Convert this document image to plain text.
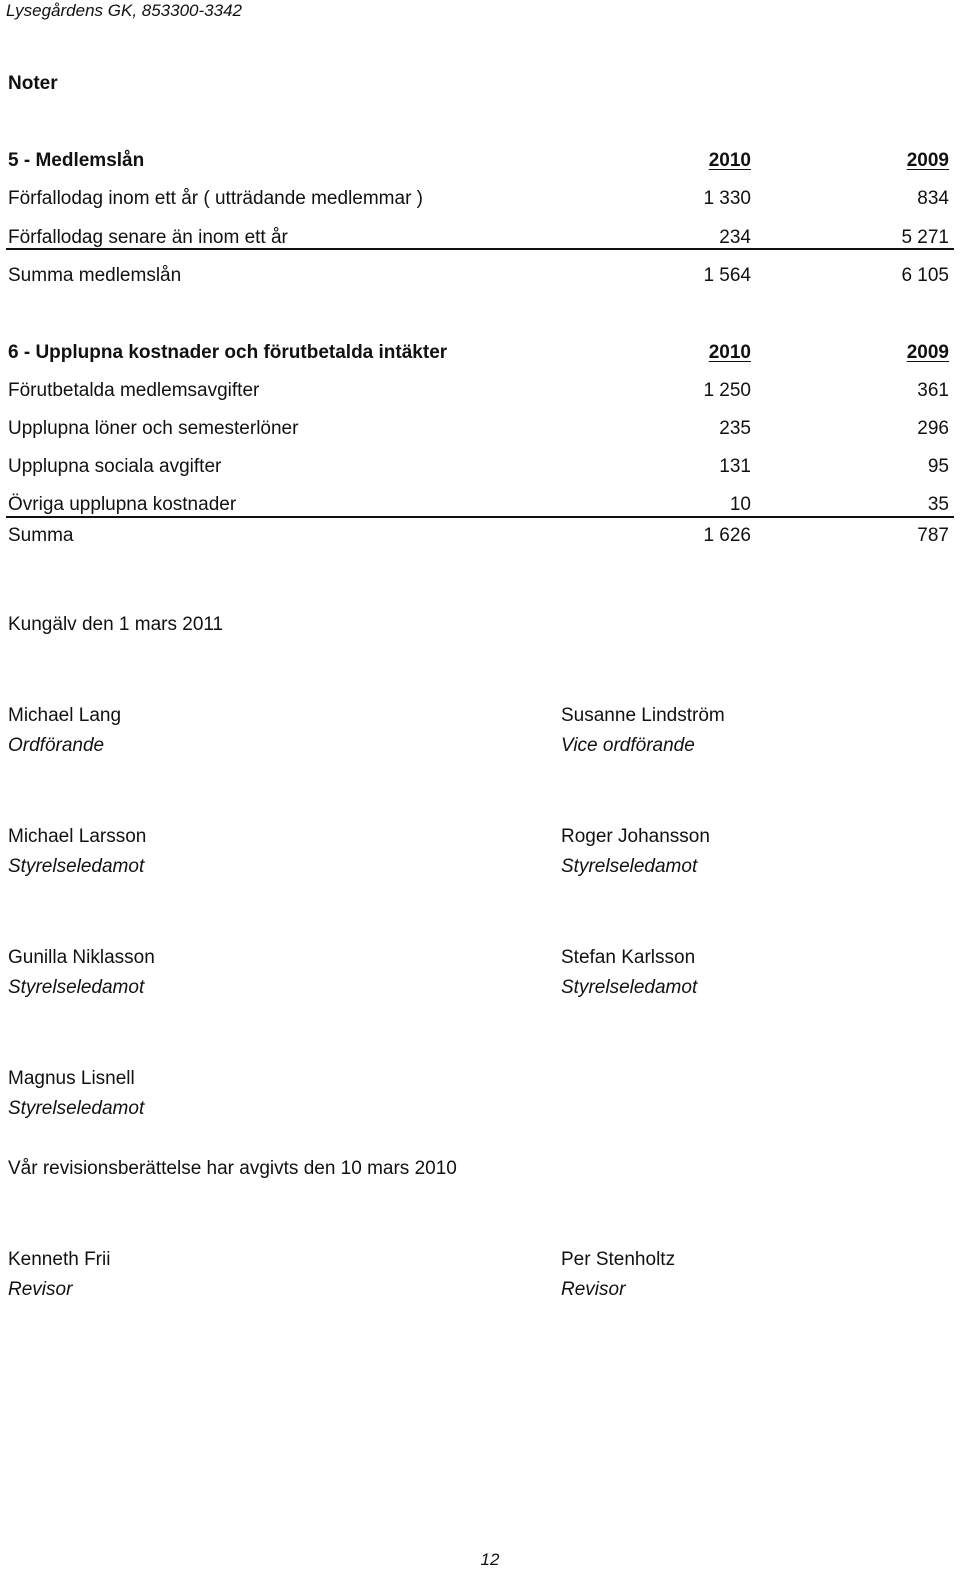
Lysegårdens GK, 853300-3342
Noter
5 - Medlemslån	2010	2009
Förfallodag inom ett år ( utträdande medlemmar )	1 330	834
Förfallodag senare än inom ett år	234	5 271
Summa medlemslån	1 564	6 105
6 - Upplupna kostnader och förutbetalda intäkter	2010	2009
Förutbetalda medlemsavgifter	1 250	361
Upplupna löner och semesterlöner	235	296
Upplupna sociala avgifter	131	95
Övriga upplupna kostnader	10	35
Summa	1 626	787
Kungälv den 1 mars 2011
Michael Lang
Ordförande
Susanne Lindström
Vice ordförande
Michael Larsson
Styrelseledamot
Roger Johansson
Styrelseledamot
Gunilla Niklasson
Styrelseledamot
Stefan Karlsson
Styrelseledamot
Magnus Lisnell
Styrelseledamot
Vår revisionsberättelse har avgivts den 10 mars 2010
Kenneth Frii
Revisor
Per Stenholtz
Revisor
12
